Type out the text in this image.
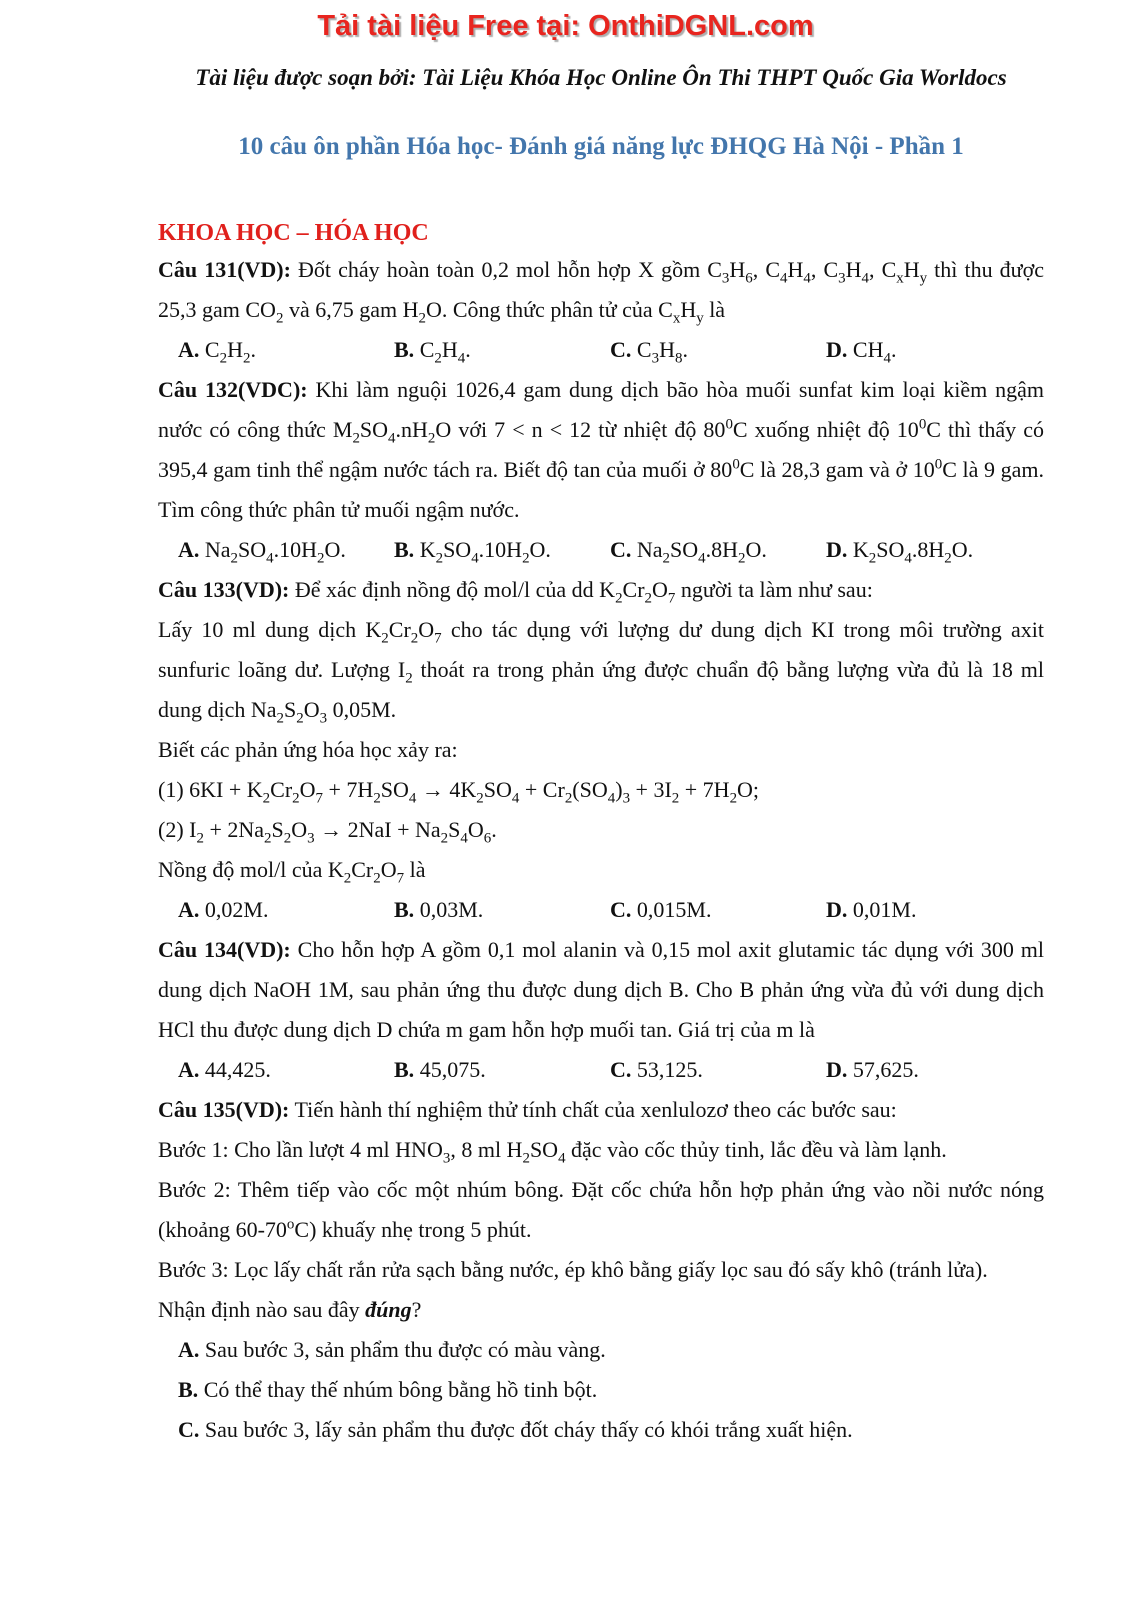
Tải tài liệu Free tại: OnthiDGNL.com

Tài liệu được soạn bởi: Tài Liệu Khóa Học Online Ôn Thi THPT Quốc Gia Worldocs

10 câu ôn phần Hóa học- Đánh giá năng lực ĐHQG Hà Nội - Phần 1
KHOA HỌC – HÓA HỌC

Câu 131(VD): Đốt cháy hoàn toàn 0,2 mol hỗn hợp X gồm $C_3H_6$, $C_4H_4$, $C_3H_4$, $C_xH_y$ thì thu được 25,3 gam $CO_2$ và 6,75 gam $H_2O$. Công thức phân tử của $C_xH_y$ là

A. $C_2H_2$.	B. $C_2H_4$.	C. $C_3H_8$.	D. $CH_4$.

Câu 132(VDC): Khi làm nguội 1026,4 gam dung dịch bão hòa muối sunfat kim loại kiềm ngậm nước có công thức $M_2SO_4.nH_2O$ với 7 < n < 12 từ nhiệt độ $80^0C$ xuống nhiệt độ $10^0C$ thì thấy có 395,4 gam tinh thể ngậm nước tách ra. Biết độ tan của muối ở $80^0C$ là 28,3 gam và ở $10^0C$ là 9 gam. Tìm công thức phân tử muối ngậm nước.

A. $Na_2SO_4.10H_2O$.	B. $K_2SO_4.10H_2O$.	C. $Na_2SO_4.8H_2O$.	D. $K_2SO_4.8H_2O$.

Câu 133(VD): Để xác định nồng độ mol/l của dd $K_2Cr_2O_7$ người ta làm như sau:

Lấy 10 ml dung dịch $K_2Cr_2O_7$ cho tác dụng với lượng dư dung dịch KI trong môi trường axit sunfuric loãng dư. Lượng $I_2$ thoát ra trong phản ứng được chuẩn độ bằng lượng vừa đủ là 18 ml dung dịch $Na_2S_2O_3$ 0,05M.

Biết các phản ứng hóa học xảy ra:

(1) $6KI + K_2Cr_2O_7 + 7H_2SO_4 \to 4K_2SO_4 + Cr_2(SO_4)_3 + 3I_2 + 7H_2O$;

(2) $I_2 + 2Na_2S_2O_3 \to 2NaI + Na_2S_4O_6$.

Nồng độ mol/l của $K_2Cr_2O_7$ là

A. 0,02M.	B. 0,03M.	C. 0,015M.	D. 0,01M.

Câu 134(VD): Cho hỗn hợp A gồm 0,1 mol alanin và 0,15 mol axit glutamic tác dụng với 300 ml dung dịch NaOH 1M, sau phản ứng thu được dung dịch B. Cho B phản ứng vừa đủ với dung dịch HCl thu được dung dịch D chứa m gam hỗn hợp muối tan. Giá trị của m là

A. 44,425.	B. 45,075.	C. 53,125.	D. 57,625.

Câu 135(VD): Tiến hành thí nghiệm thử tính chất của xenlulozơ theo các bước sau:

Bước 1: Cho lần lượt 4 ml $HNO_3$, 8 ml $H_2SO_4$ đặc vào cốc thủy tinh, lắc đều và làm lạnh.

Bước 2: Thêm tiếp vào cốc một nhúm bông. Đặt cốc chứa hỗn hợp phản ứng vào nồi nước nóng (khoảng 60-70$^o$C) khuấy nhẹ trong 5 phút.

Bước 3: Lọc lấy chất rắn rửa sạch bằng nước, ép khô bằng giấy lọc sau đó sấy khô (tránh lửa).

Nhận định nào sau đây đúng?

A. Sau bước 3, sản phẩm thu được có màu vàng.
B. Có thể thay thế nhúm bông bằng hồ tinh bột.
C. Sau bước 3, lấy sản phẩm thu được đốt cháy thấy có khói trắng xuất hiện.
